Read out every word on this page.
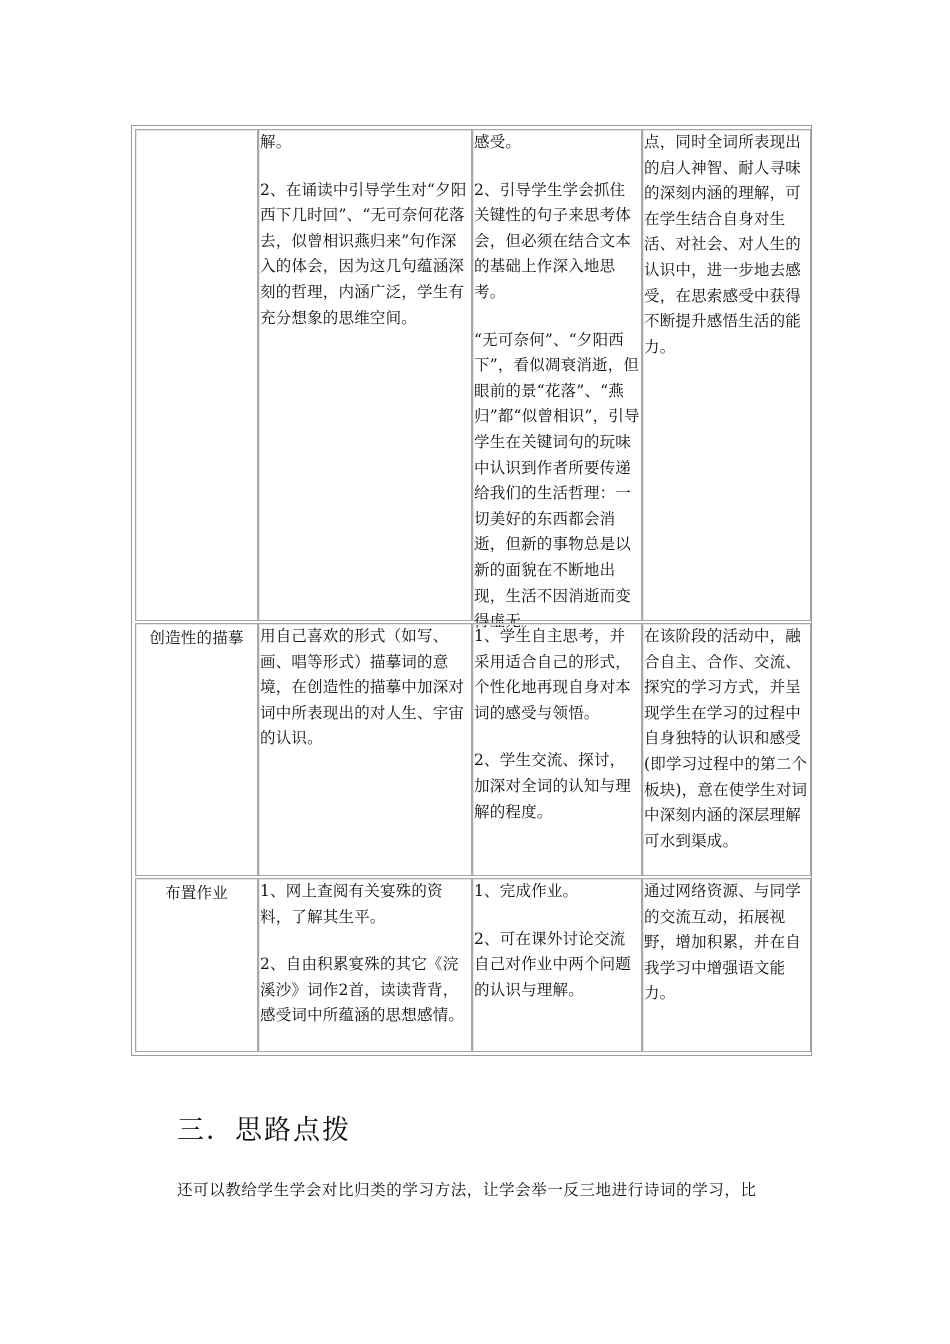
解。

2、在诵读中引导学生对“夕阳西下几时回”、“无可奈何花落去，似曾相识燕归来”句作深入的体会，因为这几句蕴涵深刻的哲理，内涵广泛，学生有充分想象的思维空间。

感受。

2、引导学生学会抓住关键性的句子来思考体会，但必须在结合文本的基础上作深入地思考。

“无可奈何”、“夕阳西下”，看似凋衰消逝，但眼前的景“花落”、“燕归”都“似曾相识”，引导学生在关键词句的玩味中认识到作者所要传递给我们的生活哲理：一切美好的东西都会消逝，但新的事物总是以新的面貌在不断地出现，生活不因消逝而变得虚无。

点，同时全词所表现出的启人神智、耐人寻味的深刻内涵的理解，可在学生结合自身对生活、对社会、对人生的认识中，进一步地去感受，在思索感受中获得不断提升感悟生活的能力。

创造性的描摹	用自己喜欢的形式（如写、画、唱等形式）描摹词的意境，在创造性的描摹中加深对词中所表现出的对人生、宇宙的认识。

1、学生自主思考，并采用适合自己的形式，个性化地再现自身对本词的感受与领悟。

2、学生交流、探讨，加深对全词的认知与理解的程度。

在该阶段的活动中，融合自主、合作、交流、探究的学习方式，并呈现学生在学习的过程中自身独特的认识和感受(即学习过程中的第二个板块)，意在使学生对词中深刻内涵的深层理解可水到渠成。

布置作业	1、网上查阅有关宴殊的资料，了解其生平。

2、自由积累宴殊的其它《浣溪沙》词作2首，读读背背，感受词中所蕴涵的思想感情。

1、完成作业。

2、可在课外讨论交流自己对作业中两个问题的认识与理解。

通过网络资源、与同学的交流互动，拓展视野，增加积累，并在自我学习中增强语文能力。

三．思路点拨
还可以教给学生学会对比归类的学习方法，让学会举一反三地进行诗词的学习，比
